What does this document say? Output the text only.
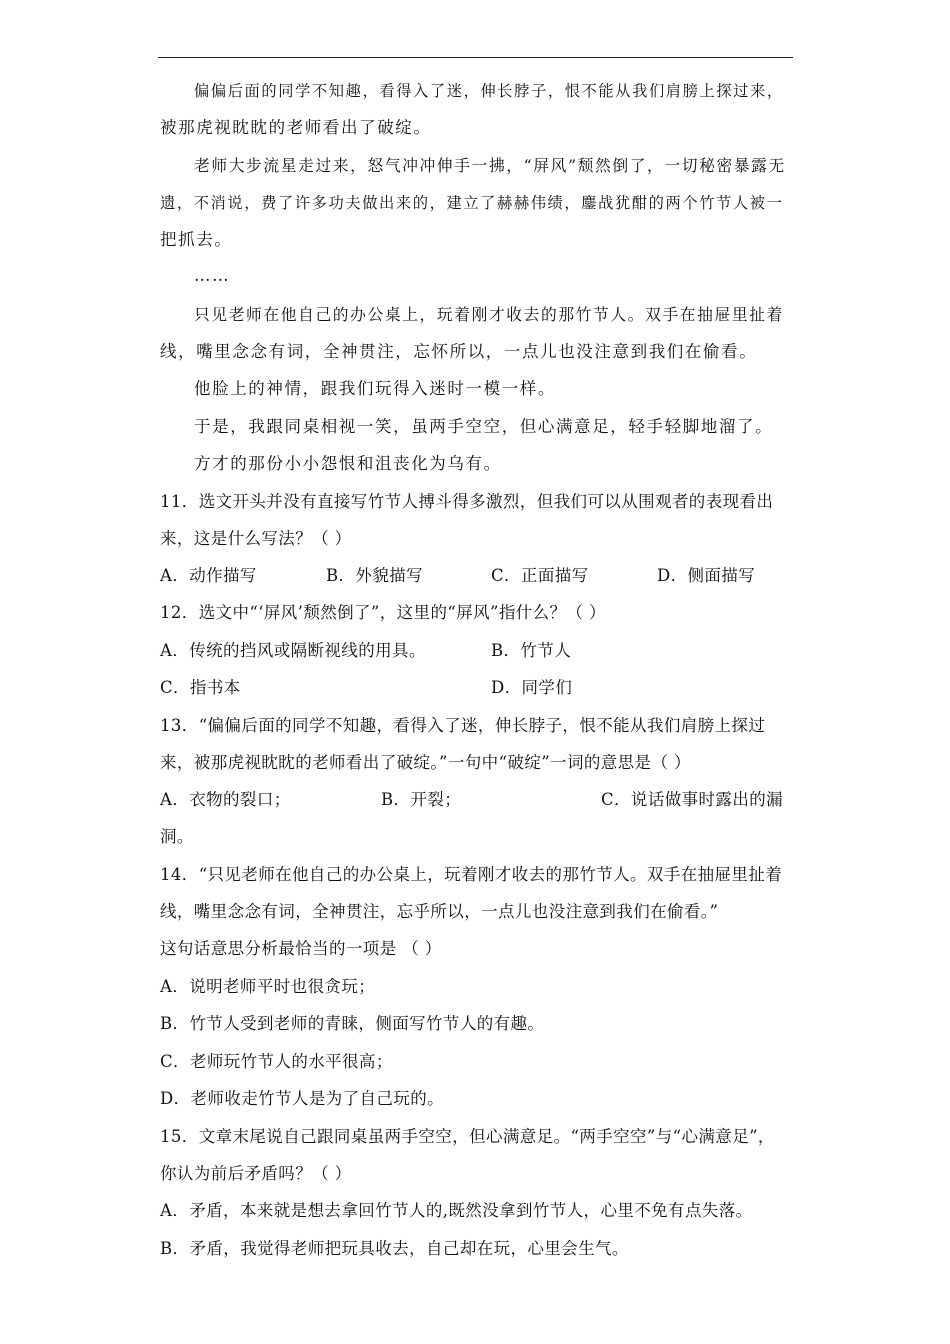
偏偏后面的同学不知趣，看得入了迷，伸长脖子，恨不能从我们肩膀上探过来，
被那虎视眈眈的老师看出了破绽。
老师大步流星走过来，怒气冲冲伸手一拂，“屏风”颓然倒了，一切秘密暴露无
遗，不消说，费了许多功夫做出来的，建立了赫赫伟绩，鏖战犹酣的两个竹节人被一
把抓去。
……
只见老师在他自己的办公桌上，玩着刚才收去的那竹节人。双手在抽屉里扯着
线，嘴里念念有词，全神贯注，忘怀所以，一点儿也没注意到我们在偷看。
他脸上的神情，跟我们玩得入迷时一模一样。
于是，我跟同桌相视一笑，虽两手空空，但心满意足，轻手轻脚地溜了。
方才的那份小小怨恨和沮丧化为乌有。
11．选文开头并没有直接写竹节人搏斗得多激烈，但我们可以从围观者的表现看出
来，这是什么写法？（ ）
A．动作描写	B．外貌描写	C．正面描写	D．侧面描写
12．选文中“‘屏风’颓然倒了”，这里的“屏风”指什么？（ ）
A．传统的挡风或隔断视线的用具。	B．竹节人
C．指书本	D．同学们
13．“偏偏后面的同学不知趣，看得入了迷，伸长脖子，恨不能从我们肩膀上探过
来，被那虎视眈眈的老师看出了破绽。”一句中“破绽”一词的意思是（ ）
A．衣物的裂口；	B．开裂；	C．说话做事时露出的漏
洞。
14．“只见老师在他自己的办公桌上，玩着刚才收去的那竹节人。双手在抽屉里扯着
线，嘴里念念有词，全神贯注，忘乎所以，一点儿也没注意到我们在偷看。”
这句话意思分析最恰当的一项是 （ ）
A．说明老师平时也很贪玩；
B．竹节人受到老师的青睐，侧面写竹节人的有趣。
C．老师玩竹节人的水平很高；
D．老师收走竹节人是为了自己玩的。
15．文章末尾说自己跟同桌虽两手空空，但心满意足。“两手空空”与“心满意足”，
你认为前后矛盾吗？（ ）
A．矛盾，本来就是想去拿回竹节人的,既然没拿到竹节人，心里不免有点失落。
B．矛盾，我觉得老师把玩具收去，自己却在玩，心里会生气。
